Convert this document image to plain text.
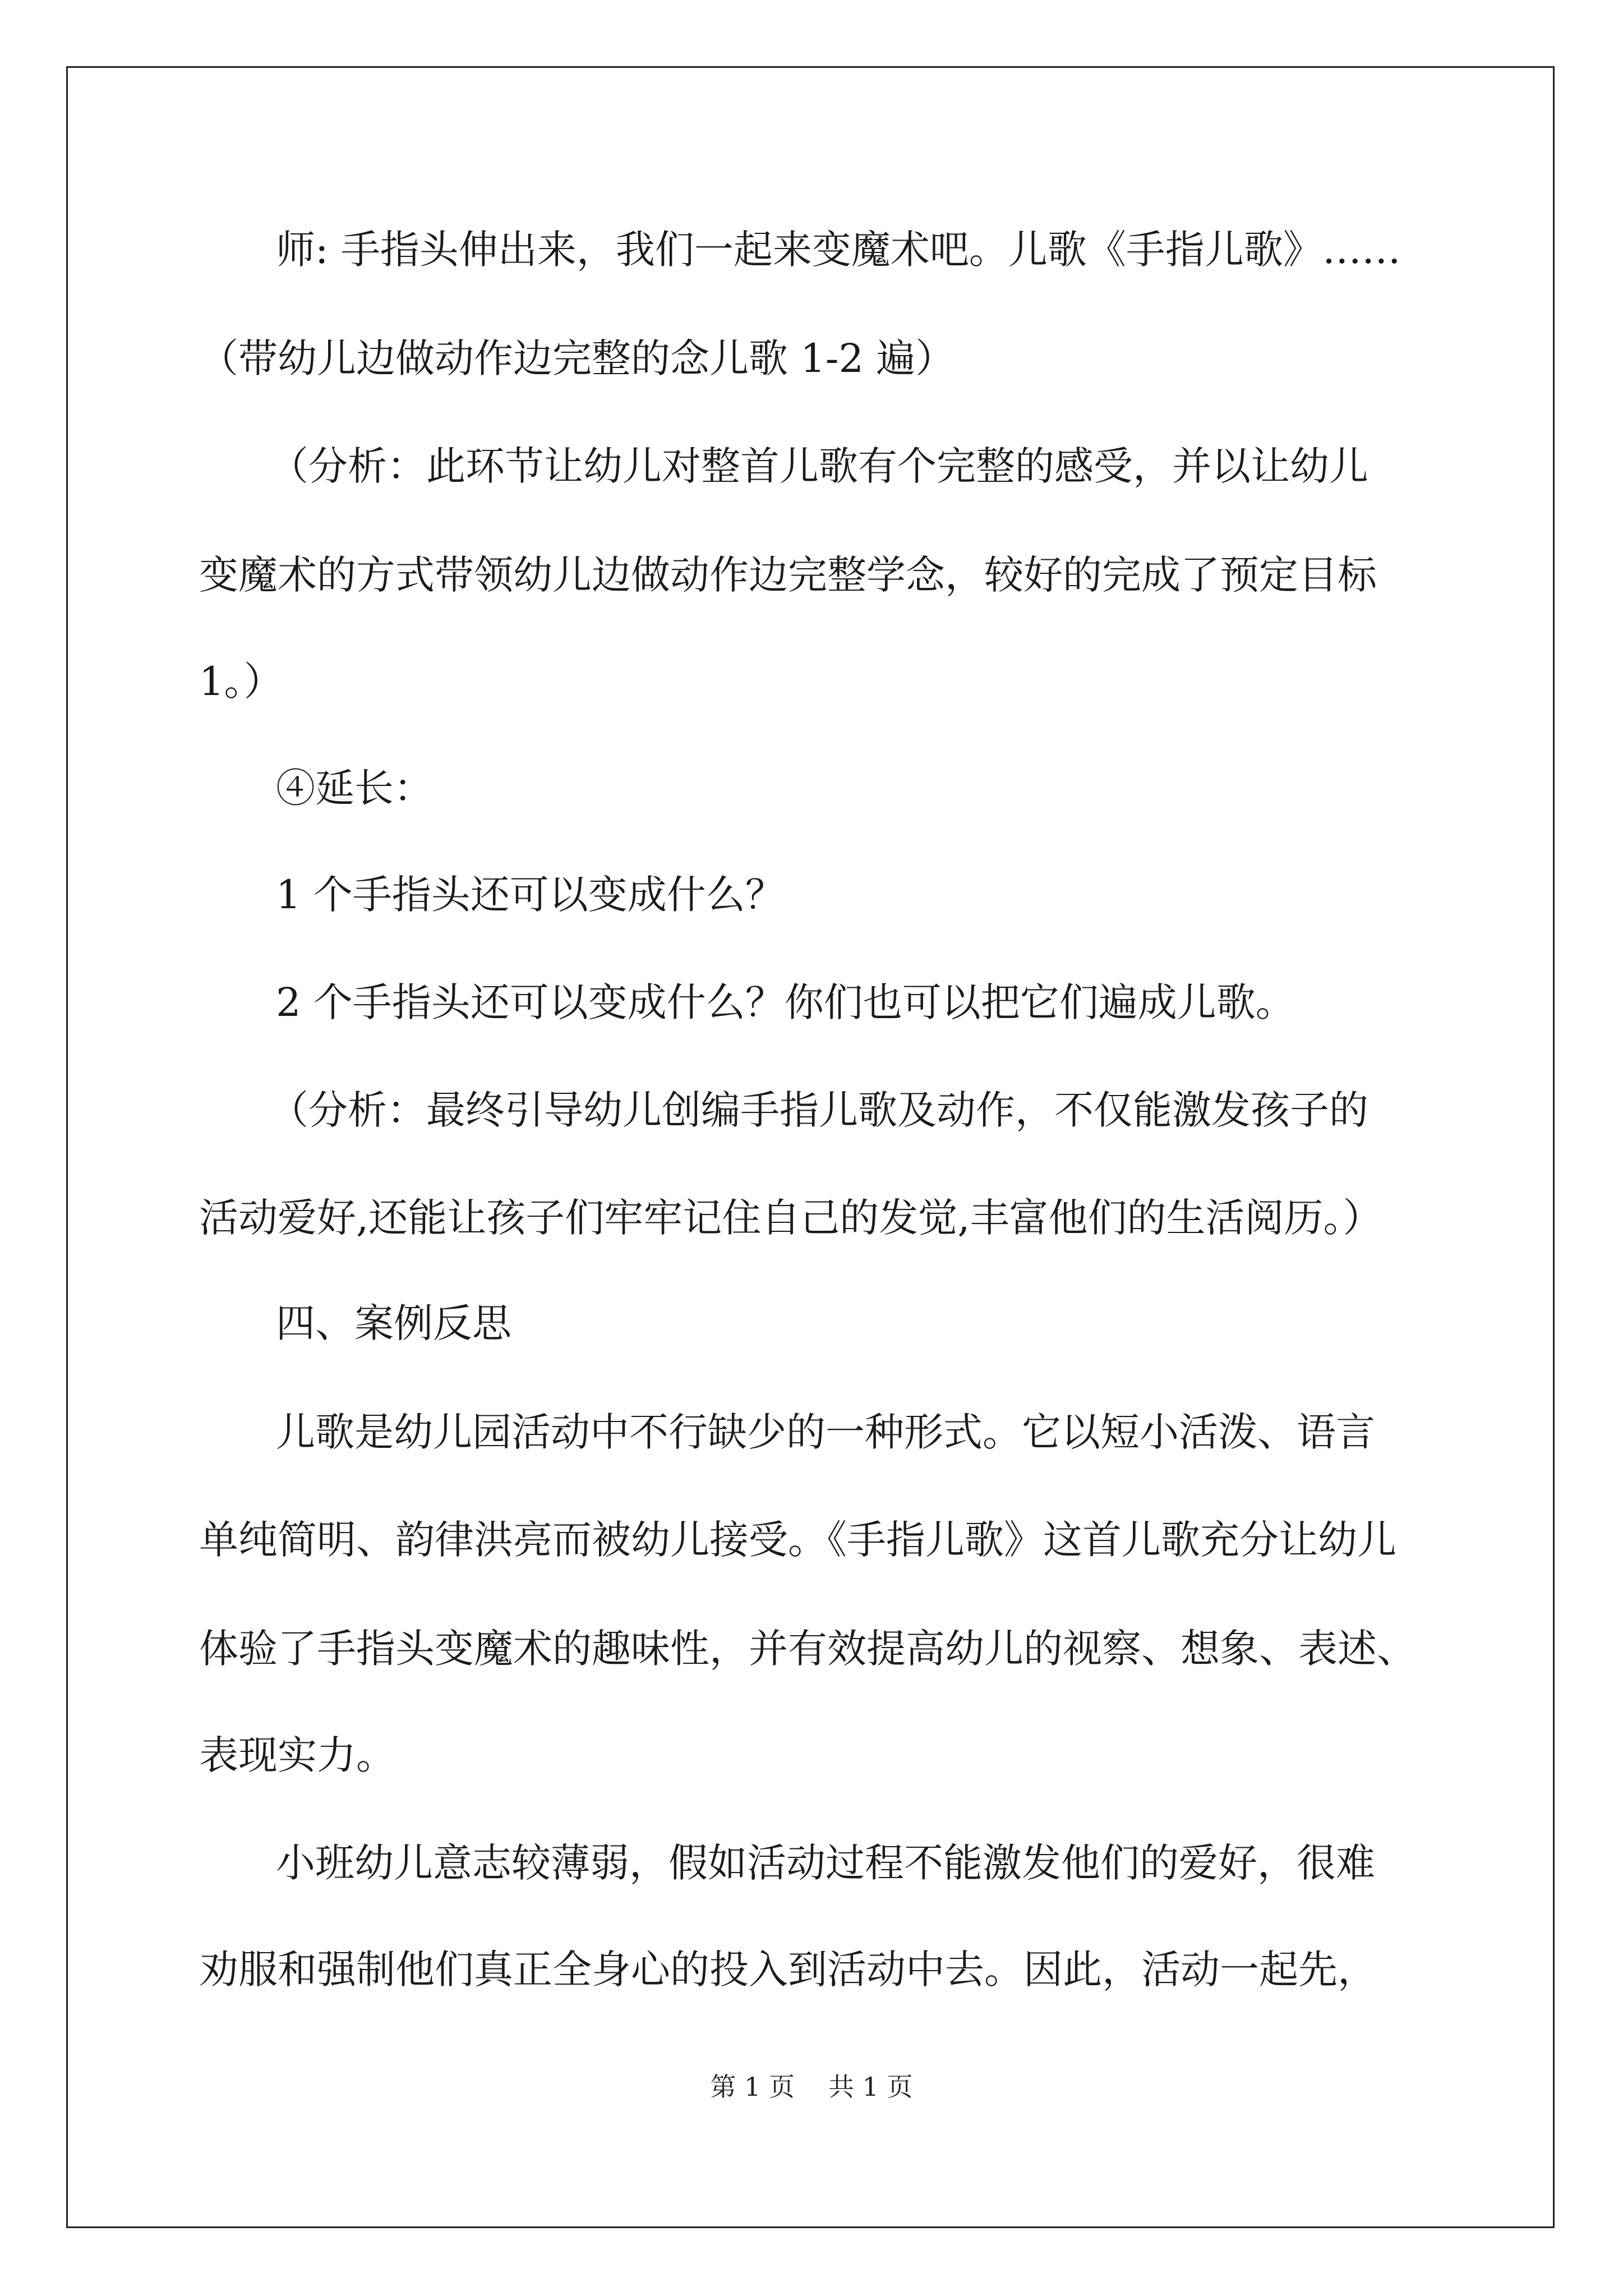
师: 手指头伸出来，我们一起来变魔术吧。儿歌《手指儿歌》……
（带幼儿边做动作边完整的念儿歌 1-2 遍）
（分析：此环节让幼儿对整首儿歌有个完整的感受，并以让幼儿
变魔术的方式带领幼儿边做动作边完整学念，较好的完成了预定目标
1。）
④延长：
1 个手指头还可以变成什么？
2 个手指头还可以变成什么？你们也可以把它们遍成儿歌。
（分析：最终引导幼儿创编手指儿歌及动作，不仅能激发孩子的
活动爱好,还能让孩子们牢牢记住自己的发觉,丰富他们的生活阅历。）
四、案例反思
儿歌是幼儿园活动中不行缺少的一种形式。它以短小活泼、语言
单纯简明、韵律洪亮而被幼儿接受。《手指儿歌》这首儿歌充分让幼儿
体验了手指头变魔术的趣味性，并有效提高幼儿的视察、想象、表述、
表现实力。
小班幼儿意志较薄弱，假如活动过程不能激发他们的爱好，很难
劝服和强制他们真正全身心的投入到活动中去。因此，活动一起先，
第 1 页 共 1 页
